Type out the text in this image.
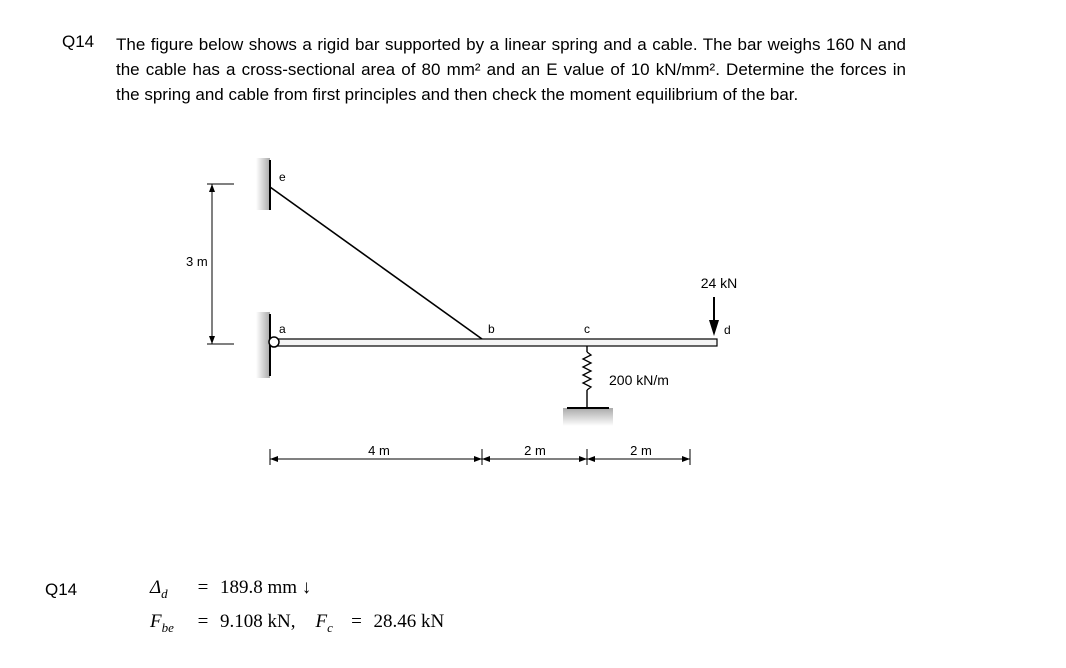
Q14 The figure below shows a rigid bar supported by a linear spring and a cable. The bar weighs 160 N and the cable has a cross-sectional area of 80 mm² and an E value of 10 kN/mm². Determine the forces in the spring and cable from first principles and then check the moment equilibrium of the bar.

e
a	b	c	d
3 m
24 kN
200 kN/m
4 m	2 m	2 m
Q14	$\Delta_d = 189.8$ mm ↓
$F_{be} = 9.108$ kN, $F_c = 28.46$ kN
